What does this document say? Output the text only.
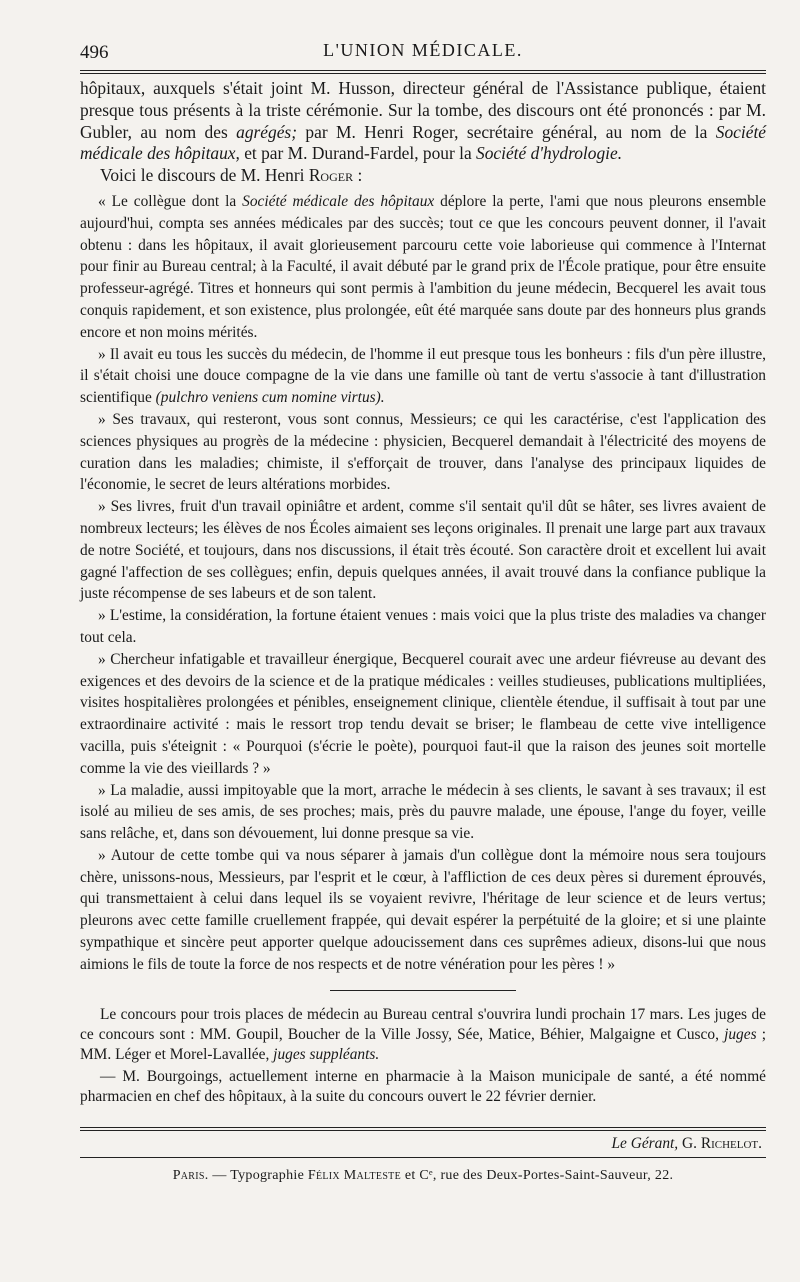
496	L'UNION MÉDICALE.

hôpitaux, auxquels s'était joint M. Husson, directeur général de l'Assistance publique, étaient presque tous présents à la triste cérémonie. Sur la tombe, des discours ont été prononcés : par M. Gubler, au nom des agrégés; par M. Henri Roger, secrétaire général, au nom de la Société médicale des hôpitaux, et par M. Durand-Fardel, pour la Société d'hydrologie.

Voici le discours de M. Henri Roger :

« Le collègue dont la Société médicale des hôpitaux déplore la perte, l'ami que nous pleurons ensemble aujourd'hui, compta ses années médicales par des succès; tout ce que les concours peuvent donner, il l'avait obtenu : dans les hôpitaux, il avait glorieusement parcouru cette voie laborieuse qui commence à l'Internat pour finir au Bureau central; à la Faculté, il avait débuté par le grand prix de l'École pratique, pour être ensuite professeur-agrégé. Titres et honneurs qui sont permis à l'ambition du jeune médecin, Becquerel les avait tous conquis rapidement, et son existence, plus prolongée, eût été marquée sans doute par des honneurs plus grands encore et non moins mérités.

» Il avait eu tous les succès du médecin, de l'homme il eut presque tous les bonheurs : fils d'un père illustre, il s'était choisi une douce compagne de la vie dans une famille où tant de vertu s'associe à tant d'illustration scientifique (pulchro veniens cum nomine virtus).

» Ses travaux, qui resteront, vous sont connus, Messieurs; ce qui les caractérise, c'est l'application des sciences physiques au progrès de la médecine : physicien, Becquerel demandait à l'électricité des moyens de curation dans les maladies; chimiste, il s'efforçait de trouver, dans l'analyse des principaux liquides de l'économie, le secret de leurs altérations morbides.

» Ses livres, fruit d'un travail opiniâtre et ardent, comme s'il sentait qu'il dût se hâter, ses livres avaient de nombreux lecteurs; les élèves de nos Écoles aimaient ses leçons originales. Il prenait une large part aux travaux de notre Société, et toujours, dans nos discussions, il était très écouté. Son caractère droit et excellent lui avait gagné l'affection de ses collègues; enfin, depuis quelques années, il avait trouvé dans la confiance publique la juste récompense de ses labeurs et de son talent.

» L'estime, la considération, la fortune étaient venues : mais voici que la plus triste des maladies va changer tout cela.

» Chercheur infatigable et travailleur énergique, Becquerel courait avec une ardeur fiévreuse au devant des exigences et des devoirs de la science et de la pratique médicales : veilles studieuses, publications multipliées, visites hospitalières prolongées et pénibles, enseignement clinique, clientèle étendue, il suffisait à tout par une extraordinaire activité : mais le ressort trop tendu devait se briser; le flambeau de cette vive intelligence vacilla, puis s'éteignit : « Pourquoi (s'écrie le poète), pourquoi faut-il que la raison des jeunes soit mortelle comme la vie des vieillards ? »

» La maladie, aussi impitoyable que la mort, arrache le médecin à ses clients, le savant à ses travaux; il est isolé au milieu de ses amis, de ses proches; mais, près du pauvre malade, une épouse, l'ange du foyer, veille sans relâche, et, dans son dévouement, lui donne presque sa vie.

» Autour de cette tombe qui va nous séparer à jamais d'un collègue dont la mémoire nous sera toujours chère, unissons-nous, Messieurs, par l'esprit et le cœur, à l'affliction de ces deux pères si durement éprouvés, qui transmettaient à celui dans lequel ils se voyaient revivre, l'héritage de leur science et de leurs vertus; pleurons avec cette famille cruellement frappée, qui devait espérer la perpétuité de la gloire; et si une plainte sympathique et sincère peut apporter quelque adoucissement dans ces suprêmes adieux, disons-lui que nous aimions le fils de toute la force de nos respects et de notre vénération pour les pères ! »

Le concours pour trois places de médecin au Bureau central s'ouvrira lundi prochain 17 mars. Les juges de ce concours sont : MM. Goupil, Boucher de la Ville Jossy, Sée, Matice, Béhier, Malgaigne et Cusco, juges ; MM. Léger et Morel-Lavallée, juges suppléants.

— M. Bourgoings, actuellement interne en pharmacie à la Maison municipale de santé, a été nommé pharmacien en chef des hôpitaux, à la suite du concours ouvert le 22 février dernier.

Le Gérant, G. Richelot.
Paris. — Typographie Félix Malteste et Cᵉ, rue des Deux-Portes-Saint-Sauveur, 22.
